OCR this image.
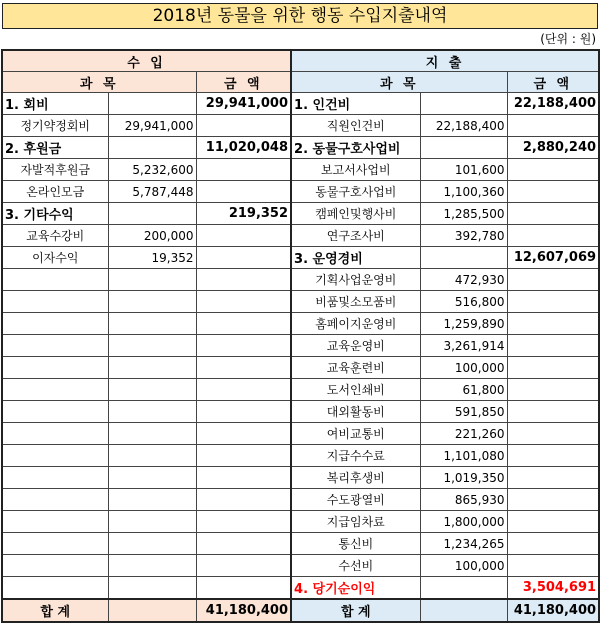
2018년 동물을 위한 행동 수입지출내역
(단위 : 원)
수 입			지 출		
과 목		금 액	과 목		금 액
1. 회비		29,941,000	1. 인건비		22,188,400
정기약정회비	29,941,000		직원인건비	22,188,400	
2. 후원금		11,020,048	2. 동물구호사업비		2,880,240
자발적후원금	5,232,600		보고서사업비	101,600	
온라인모금	5,787,448		동물구호사업비	1,100,360	
3. 기타수익		219,352	캠페인및행사비	1,285,500	
교육수강비	200,000		연구조사비	392,780	
이자수익	19,352		3. 운영경비		12,607,069
			기획사업운영비	472,930	
			비품및소모품비	516,800	
			홈페이지운영비	1,259,890	
			교육운영비	3,261,914	
			교육훈련비	100,000	
			도서인쇄비	61,800	
			대외활동비	591,850	
			여비교통비	221,260	
			지급수수료	1,101,080	
			복리후생비	1,019,350	
			수도광열비	865,930	
			지급임차료	1,800,000	
			통신비	1,234,265	
			수선비	100,000	
			4. 당기순이익		3,504,691
합 계		41,180,400	합 계		41,180,400
